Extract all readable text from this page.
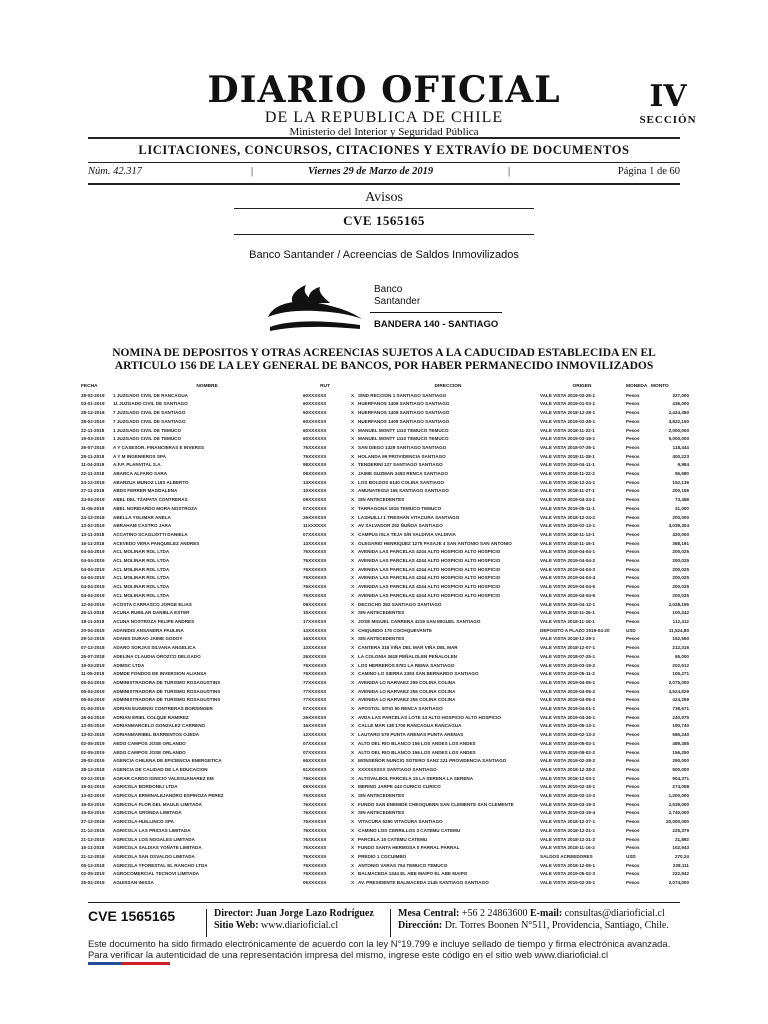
DIARIO OFICIAL
DE LA REPUBLICA DE CHILE
Ministerio del Interior y Seguridad Pública
IV
SECCIÓN
LICITACIONES, CONCURSOS, CITACIONES Y EXTRAVÍO DE DOCUMENTOS
Núm. 42.317	|	Viernes 29 de Marzo de 2019	|	Página 1 de 60
Avisos
CVE 1565165
Banco Santander / Acreencias de Saldos Inmovilizados
Banco
Santander
BANDERA 140 - SANTIAGO
NOMINA DE DEPOSITOS Y OTRAS ACREENCIAS SUJETOS A LA CADUCIDAD ESTABLECIDA EN EL
ARTICULO 156 DE LA LEY GENERAL DE BANCOS, POR HABER PERMANECIDO INMOVILIZADOS
FECHA	NOMBRE	RUT		DIRECCION	ORIGEN	MONEDA	MONTO
28-02-2019	1 JUZGADO CIVIL DE RANCAGUA	60XXXXXX	X	SIND RECCION 1 SANTIAGO SANTIAGO	VALE VISTA 2019-02-26-1	Pesos	327,000
03-01-2019	11 JUZGADO CIVIL DE SANTIAGO	60XXXXXX	X	HUERFANOS 1409 SANTIAGO SANTIAGO	VALE VISTA 2019-01-03-1	Pesos	436,000
28-12-2018	7 JUZGADO CIVIL DE SANTIAGO	60XXXXXX	X	HUERFANOS 1409 SANTIAGO SANTIAGO	VALE VISTA 2018-12-28-1	Pesos	2,424,450
28-02-2019	7 JUZGADO CIVIL DE SANTIAGO	60XXXXXX	X	HUERFANOS 1409 SANTIAGO SANTIAGO	VALE VISTA 2019-02-28-1	Pesos	3,822,150
22-11-2018	1 JUZGADO CIVIL DE TEMUCO	60XXXXXX	X	MANUEL MONTT 1110 TEMUCO TEMUCO	VALE VISTA 2018-11-22-1	Pesos	2,000,000
19-03-2019	1 JUZGADO CIVIL DE TEMUCO	60XXXXXX	X	MANUEL MONTT 1110 TEMUCO TEMUCO	VALE VISTA 2019-03-19-1	Pesos	5,000,000
26-07-2018	A Y CASESOR. FINANCIERAS E INVERSS	76XXXXXX	X	SAN DIEGO 1329 SANTIAGO SANTIAGO	VALE VISTA 2018-07-26-1	Pesos	118,444
28-11-2018	A Y M INGENIEROS SPA	76XXXXXX	X	HOLANDA 99 PROVIDENCIA SANTIAGO	VALE VISTA 2018-11-28-1	Pesos	400,223
11-04-2019	A.F.P. PLANVITAL S.A.	98XXXXXX	X	TENDERINI 127 SANTIAGO SANTIAGO	VALE VISTA 2019-04-11-1	Pesos	9,984
22-11-2018	ABARCA ALFARO SARA	06XXXXXX	X	JAIME GUZMAN 2493 RENCA SANTIAGO	VALE VISTA 2018-11-22-2	Pesos	95,580
24-12-2018	ABARZUA MUNOZ LUIS ALBERTO	13XXXXXX	X	LOS BOLDOS 6140 COLINA SANTIAGO	VALE VISTA 2018-12-24-1	Pesos	152,136
27-11-2018	ABDS FERRER MAGDALENA	10XXXXXX	X	AMUNATEGUI 155 SANTIAGO SANTIAGO	VALE VISTA 2018-11-27-1	Pesos	200,156
24-04-2019	ABEL DEL TZAPATA CONTRERAS	09XXXXXX	X	SIN ANTECEDENTES	VALE VISTA 2019-04-24-1	Pesos	73,458
11-05-2019	ABEL NORIDARDO MORA NOSTROZA	07XXXXXX	X	TARRAGONA 1915 TEMUCO TEMUCO	VALE VISTA 2019-05-11-1	Pesos	31,000
24-12-2018	ABELLA YOLIMAR ANELA	26XXXXXX	X	LASHUILLI 1 TRESHAN VITACURA SANTIAGO	VALE VISTA 2018-12-24-2	Pesos	200,000
13-02-2019	ABRAHAM CASTRO JARA	11XXXXXX	X	AV SALVADOR 252 ÑUÑOA SANTIAGO	VALE VISTA 2019-02-13-1	Pesos	3,039,304
13-11-2018	ACCATINO SCAGLIOTTI DANIELA	07XXXXXX	X	CAMPUS ISLA TEJA S/N VALDIVIA VALDIVIA	VALE VISTA 2018-11-13-1	Pesos	420,000
16-11-2018	ACEVEDO VERA PANQUELEZ ANDRES	13XXXXXX	X	OLEGARIO HENRIQUEZ 1275 PASAJE 4 SAN ANTONIO SAN ANTONIO	VALE VISTA 2018-11-16-1	Pesos	368,191
04-04-2019	ACL MOLINAR ROL LTDA	76XXXXXX	X	AVENIDA LAS PARCELAS 4244 ALTO HOSPICIO ALTO HOSPICIO	VALE VISTA 2019-04-04-1	Pesos	200,025
04-04-2019	ACL MOLINAR ROL LTDA	76XXXXXX	X	AVENIDA LAS PARCELAS 4244 ALTO HOSPICIO ALTO HOSPICIO	VALE VISTA 2019-04-04-2	Pesos	200,025
04-04-2019	ACL MOLINAR ROL LTDA	76XXXXXX	X	AVENIDA LAS PARCELAS 4244 ALTO HOSPICIO ALTO HOSPICIO	VALE VISTA 2019-04-04-3	Pesos	200,025
04-04-2019	ACL MOLINAR ROL LTDA	76XXXXXX	X	AVENIDA LAS PARCELAS 4244 ALTO HOSPICIO ALTO HOSPICIO	VALE VISTA 2019-04-04-4	Pesos	200,025
04-04-2019	ACL MOLINAR ROL LTDA	76XXXXXX	X	AVENIDA LAS PARCELAS 4244 ALTO HOSPICIO ALTO HOSPICIO	VALE VISTA 2019-04-04-5	Pesos	200,025
04-04-2019	ACL MOLINAR ROL LTDA	76XXXXXX	X	AVENIDA LAS PARCELAS 4244 ALTO HOSPICIO ALTO HOSPICIO	VALE VISTA 2019-04-04-6	Pesos	200,025
12-04-2019	ACOSTA CARRASCO JORGE ELIAS	08XXXXXX	X	DECOCHO 292 SANTIAGO SANTIAGO	VALE VISTA 2019-04-12-1	Pesos	2,028,195
26-11-2018	ACUNA RUBILAR DANIELA ESTER	15XXXXXX	X	SIN ANTECEDENTES	VALE VISTA 2018-11-26-1	Pesos	100,242
18-11-2018	ACUNA NOSTROZA FELIPE ANDRES	17XXXXXX	X	JOSE MIGUEL CARRERA 4219 SAN MIGUEL SANTIAGO	VALE VISTA 2018-11-18-1	Pesos	112,412
20-04-2019	ADANIDIS ANSANDRA PAULINA	13XXXXXX	X	CHIQUNDO 175 COCHQUEVANTE	DEPOSITO A PLAZO 2019-04-20	USD	11,524,80
29-12-2018	ADANIS DURAO JAIME GODOY	16XXXXXX	X	SIN ANTECEDENTES	VALE VISTA 2018-12-29-1	Pesos	162,550
07-12-2018	ADARO SORJAS SILVANA ANGELICA	13XXXXXX	X	CANTERA 316 VIÑA DEL MAR VIÑA DEL MAR	VALE VISTA 2018-12-07-1	Pesos	212,316
25-07-2018	ADELINA CLAUDIA OROZCO DELGADO	26XXXXXX	X	LA COLONIA 3618 PEÑALOLEN PEÑALOLEN	VALE VISTA 2018-07-25-1	Pesos	65,000
19-03-2019	ADIMSC LTDA	76XXXXXX	X	LOS HERREROS 9781 LA REINA SANTIAGO	VALE VISTA 2019-03-19-2	Pesos	202,612
11-05-2019	ADMDE FONDOS DE INVERSION ALIANSA	76XXXXXX	X	CAMINO LO SIERRA 2393 SAN BERNARDO SANTIAGO	VALE VISTA 2019-05-11-2	Pesos	105,271
05-04-2019	ADMINISTRADORA DE TURISMO ROSAGUSTINS	77XXXXXX	X	AVENIDA LO NARVAEZ 255 COLINA COLINA	VALE VISTA 2019-04-05-1	Pesos	2,075,000
05-04-2019	ADMINISTRADORA DE TURISMO ROSAGUSTINS	77XXXXXX	X	AVENIDA LO NARVAEZ 255 COLINA COLINA	VALE VISTA 2019-04-05-2	Pesos	4,524,529
05-04-2019	ADMINISTRADORA DE TURISMO ROSAGUSTINS	77XXXXXX	X	AVENIDA LO NARVAEZ 255 COLINA COLINA	VALE VISTA 2019-04-05-3	Pesos	424,259
01-04-2019	ADRIAN EUGENIO CONTRERAS BORSINGER	07XXXXXX	X	APOSTOL SITIO 50 RENCA SANTIAGO	VALE VISTA 2019-04-01-1	Pesos	738,671
26-04-2019	ADRIAN ERIEL COLQUE RAMIREZ	26XXXXXX	X	AVDA LAS PARCELAS LOTE 14 ALTO HOSPICIO ALTO HOSPICIO	VALE VISTA 2019-04-26-1	Pesos	240,975
13-05-2019	ADRIANMARCELO GONZALEZ CARRENO	16XXXXXX	X	CALLE MAR 138 1700 RANCAGUA RANCAGUA	VALE VISTA 2019-05-13-1	Pesos	190,740
13-02-2019	ADRIANMARIBEL BARRENTOS OJEDA	12XXXXXX	X	LAUTARO 579 PUNTA ARENAS PUNTA ARENAS	VALE VISTA 2019-02-13-2	Pesos	586,240
02-05-2019	AEDO CAMPOS JOSE ORLANDO	07XXXXXX	X	ALTO DEL RIO BLANCO 156 LOS ANDES LOS ANDES	VALE VISTA 2019-05-02-1	Pesos	489,455
02-05-2019	AEDO CAMPOS JOSE ORLANDO	07XXXXXX	X	ALTO DEL RIO BLANCO 156 LOS ANDES LOS ANDES	VALE VISTA 2019-05-02-2	Pesos	156,250
28-02-2019	AGENCIA CHILENA DE EFICIENCIA ENERGETICA	65XXXXXX	X	MONSEÑOR NUNCIO SOTERO SANZ 221 PROVIDENCIA SANTIAGO	VALE VISTA 2019-02-28-2	Pesos	290,000
28-12-2018	AGENCIA DE CALIDAD DE LA EDUCACION	61XXXXXX	X	XXXXXXXXX SANTIAGO SANTIAGO	VALE VISTA 2018-12-28-2	Pesos	500,000
03-12-2018	AGRAR CARDO IGNICIO VALESUANAREZ EM	76XXXXXX	X	ALTOVALBOL PARCELA 15 LA SERENA LA SERENA	VALE VISTA 2018-12-03-1	Pesos	904,371
19-02-2019	AGRICOLA BORDONILI LTDA	09XXXXXX	X	MERINO JARPE 443 CURICO CURICO	VALE VISTA 2019-02-19-1	Pesos	274,058
13-02-2019	AGRICOLA ERWINALEJANDRO ESPINOZA PEREZ	76XXXXXX	X	SIN ANTECEDENTES	VALE VISTA 2019-02-13-3	Pesos	1,200,000
19-03-2019	AGRICOLA FLOR DEL MAULE LIMITADA	76XXXXXX	X	FUNDO SAN ENEMIDE CHEOQUENN SAN CLEMENTE SAN CLEMENTE	VALE VISTA 2019-03-19-3	Pesos	2,539,000
19-03-2019	AGRICOLA GRONDA LIMITADA	76XXXXXX	X	SIN ANTECEDENTES	VALE VISTA 2019-03-19-4	Pesos	2,740,000
27-12-2018	AGRICOLA HUILLINCO SPA	76XXXXXX	X	VITACURA 5250 VITACURA SANTIAGO	VALE VISTA 2018-12-27-1	Pesos	20,000,000
21-12-2018	AGRICOLA LAS PRICIAS LIMITADA	76XXXXXX	X	CAMINO LOS CERRILLOS 3 CATEMU CATEMU	VALE VISTA 2018-12-21-1	Pesos	225,379
21-12-2018	AGRICOLA LOS NOGALES LIMITADA	76XXXXXX	X	PARCELA 15 CATEMU CATEMU	VALE VISTA 2018-12-21-2	Pesos	21,892
16-11-2018	AGRICOLA SALDIAS YOÑATE LIMITADA	76XXXXXX	X	FUNDO SANTA HERMOSA 0 PARRAL PARRAL	VALE VISTA 2018-11-16-2	Pesos	102,943
21-12-2018	AGRICOLA SAN OSVALDO LIMITADA	76XXXXXX	X	PREDIO 1 COCUIMBO	SALDOS ACREEDORES	USD	270,24
05-12-2018	AGRICOLA YFORESTAL EL RANCHO LTDA	76XXXXXX	X	ANTONIO VARAS 754 TEMUCO TEMUCO	VALE VISTA 2018-12-05-1	Pesos	228,111
02-05-2019	AGROCOMERCIAL TECNOVI LIMITADA	76XXXXXX	X	BALMACEDA 1344 EL ABE MAIPO EL ABE MAIPO	VALE VISTA 2019-05-02-3	Pesos	222,942
25-02-2019	AGUISSAN INISSA	06XXXXXX	X	AV. PRESIDENTE BALMACEDA 2145 SANTIAGO SANTIAGO	VALE VISTA 2019-02-25-1	Pesos	2,074,000
CVE 1565165	Director: Juan Jorge Lazo Rodríguez
Sitio Web: www.diarioficial.cl
Mesa Central: +56 2 24863600 E-mail: consultas@diarioficial.cl
Dirección: Dr. Torres Boonen N°511, Providencia, Santiago, Chile.
Este documento ha sido firmado electrónicamente de acuerdo con la ley N°19.799 e incluye sellado de tiempo y firma electrónica avanzada. Para verificar la autenticidad de una representación impresa del mismo, ingrese este código en el sitio web www.diarioficial.cl
